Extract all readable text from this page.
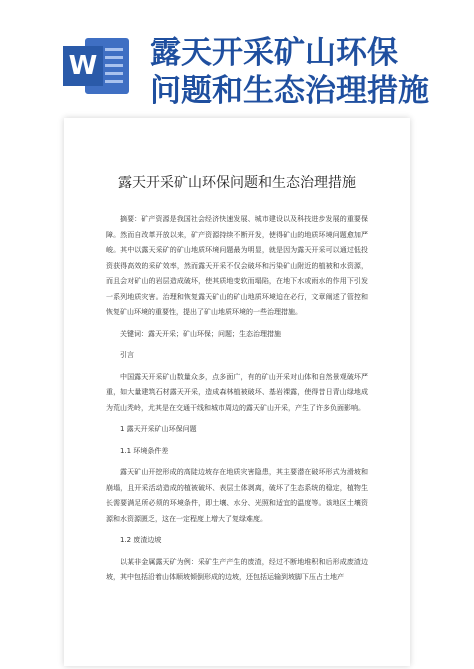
W 露天开采矿山环保
问题和生态治理措施
露天开采矿山环保问题和生态治理措施

摘要：矿产资源是我国社会经济快速发展、城市建设以及科技进步发展的重要保障。然而自改革开放以来，矿产资源持续不断开发，使得矿山的地质环境问题愈加严峻。其中以露天采矿的矿山地质环境问题最为明显，就是因为露天开采可以通过低投资获得高效的采矿效率，然而露天开采不仅会破坏和污染矿山附近的植被和水资源，而且会对矿山的岩层造成破坏，使其质地变软而塌陷，在地下水或雨水的作用下引发一系列地质灾害。治理和恢复露天矿山的矿山地质环境迫在必行，文章阐述了管控和恢复矿山环境的重要性，提出了矿山地质环境的一些治理措施。

关键词：露天开采；矿山环保；问题；生态治理措施

引言

中国露天开采矿山数量众多，点多面广，有的矿山开采对山体和自然景观破坏严重，如大量建筑石材露天开采，造成森林植被破坏、基岩裸露，使得昔日青山绿地成为荒山秃岭，尤其是在交通干线和城市周边的露天矿山开采，产生了许多负面影响。

1 露天开采矿山环保问题

1.1 环境条件差

露天矿山开挖形成的高陡边坡存在地质灾害隐患，其主要潜在破坏形式为滑坡和崩塌，且开采活动造成的植被破坏、表层土体剥离，破坏了生态系统的稳定，植物生长需要满足所必须的环境条件，即土壤、水分、光照和适宜的温度等。该地区土壤资源和水资源匮乏，这在一定程度上增大了复绿难度。

1.2 废渣边坡

以某非金属露天矿为例：采矿生产产生的废渣，经过不断地堆积和后形成废渣边坡，其中包括沿着山体顺坡倾倒形成的边坡，还包括运输到坡脚下压占土地产
